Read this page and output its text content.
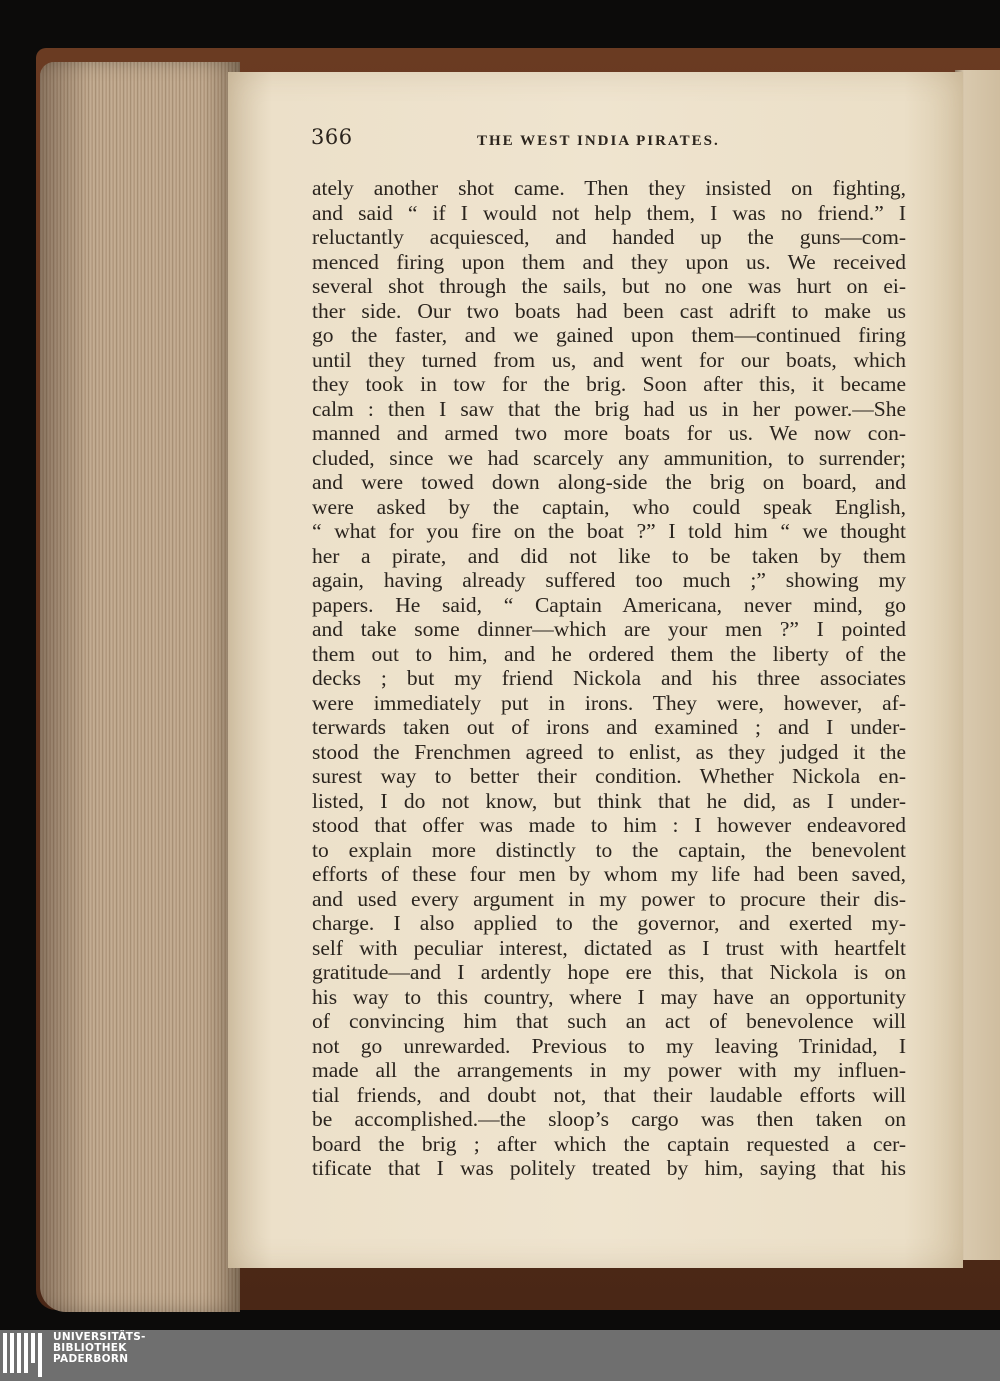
366	THE WEST INDIA PIRATES.
ately another shot came. Then they insisted on fighting,
and said “ if I would not help them, I was no friend.” I
reluctantly acquiesced, and handed up the guns—com-
menced firing upon them and they upon us. We received
several shot through the sails, but no one was hurt on ei-
ther side. Our two boats had been cast adrift to make us
go the faster, and we gained upon them—continued firing
until they turned from us, and went for our boats, which
they took in tow for the brig. Soon after this, it became
calm : then I saw that the brig had us in her power.—She
manned and armed two more boats for us. We now con-
cluded, since we had scarcely any ammunition, to surrender;
and were towed down along-side the brig on board, and
were asked by the captain, who could speak English,
“ what for you fire on the boat ?” I told him “ we thought
her a pirate, and did not like to be taken by them
again, having already suffered too much ;” showing my
papers. He said, “ Captain Americana, never mind, go
and take some dinner—which are your men ?” I pointed
them out to him, and he ordered them the liberty of the
decks ; but my friend Nickola and his three associates
were immediately put in irons. They were, however, af-
terwards taken out of irons and examined ; and I under-
stood the Frenchmen agreed to enlist, as they judged it the
surest way to better their condition. Whether Nickola en-
listed, I do not know, but think that he did, as I under-
stood that offer was made to him : I however endeavored
to explain more distinctly to the captain, the benevolent
efforts of these four men by whom my life had been saved,
and used every argument in my power to procure their dis-
charge. I also applied to the governor, and exerted my-
self with peculiar interest, dictated as I trust with heartfelt
gratitude—and I ardently hope ere this, that Nickola is on
his way to this country, where I may have an opportunity
of convincing him that such an act of benevolence will
not go unrewarded. Previous to my leaving Trinidad, I
made all the arrangements in my power with my influen-
tial friends, and doubt not, that their laudable efforts will
be accomplished.—the sloop’s cargo was then taken on
board the brig ; after which the captain requested a cer-
tificate that I was politely treated by him, saying that his
UNIVERSITÄTS-
BIBLIOTHEK
PADERBORN
